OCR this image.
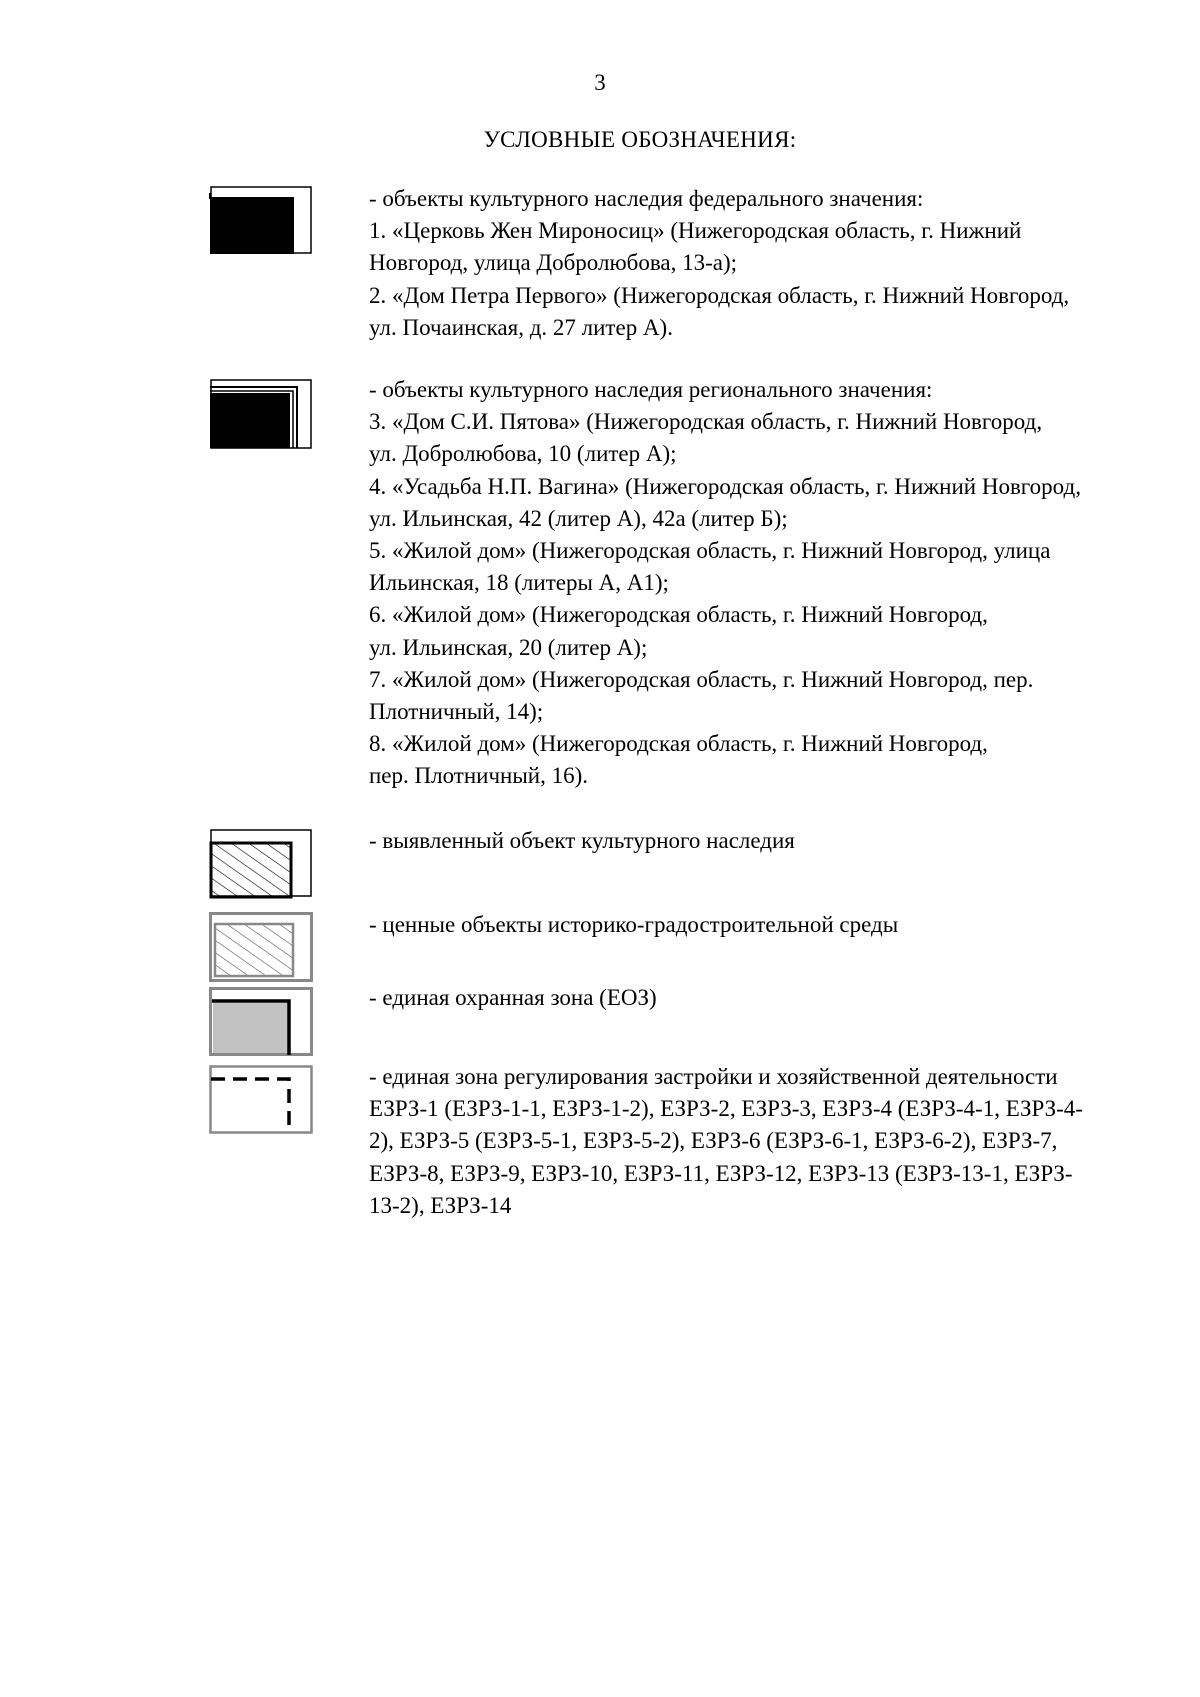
3
УСЛОВНЫЕ ОБОЗНАЧЕНИЯ:
- объекты культурного наследия федерального значения:
1. «Церковь Жен Мироносиц» (Нижегородская область, г. Нижний
Новгород, улица Добролюбова, 13-а);
2. «Дом Петра Первого» (Нижегородская область, г. Нижний Новгород,
ул. Почаинская, д. 27 литер А).
- объекты культурного наследия регионального значения:
3. «Дом С.И. Пятова» (Нижегородская область, г. Нижний Новгород,
ул. Добролюбова, 10 (литер А);
4. «Усадьба Н.П. Вагина» (Нижегородская область, г. Нижний Новгород,
ул. Ильинская, 42 (литер А), 42а (литер Б);
5. «Жилой дом» (Нижегородская область, г. Нижний Новгород, улица
Ильинская, 18 (литеры А, А1);
6. «Жилой дом» (Нижегородская область, г. Нижний Новгород,
ул. Ильинская, 20 (литер А);
7. «Жилой дом» (Нижегородская область, г. Нижний Новгород, пер.
Плотничный, 14);
8. «Жилой дом» (Нижегородская область, г. Нижний Новгород,
пер. Плотничный, 16).
- выявленный объект культурного наследия
- ценные объекты историко-градостроительной среды
- единая охранная зона (ЕОЗ)
- единая зона регулирования застройки и хозяйственной деятельности
ЕЗРЗ-1 (ЕЗРЗ-1-1, ЕЗРЗ-1-2), ЕЗРЗ-2, ЕЗРЗ-3, ЕЗРЗ-4 (ЕЗРЗ-4-1, ЕЗРЗ-4-
2), ЕЗРЗ-5 (ЕЗРЗ-5-1, ЕЗРЗ-5-2), ЕЗРЗ-6 (ЕЗРЗ-6-1, ЕЗРЗ-6-2), ЕЗРЗ-7,
ЕЗРЗ-8, ЕЗРЗ-9, ЕЗРЗ-10, ЕЗРЗ-11, ЕЗРЗ-12, ЕЗРЗ-13 (ЕЗРЗ-13-1, ЕЗРЗ-
13-2), ЕЗРЗ-14
